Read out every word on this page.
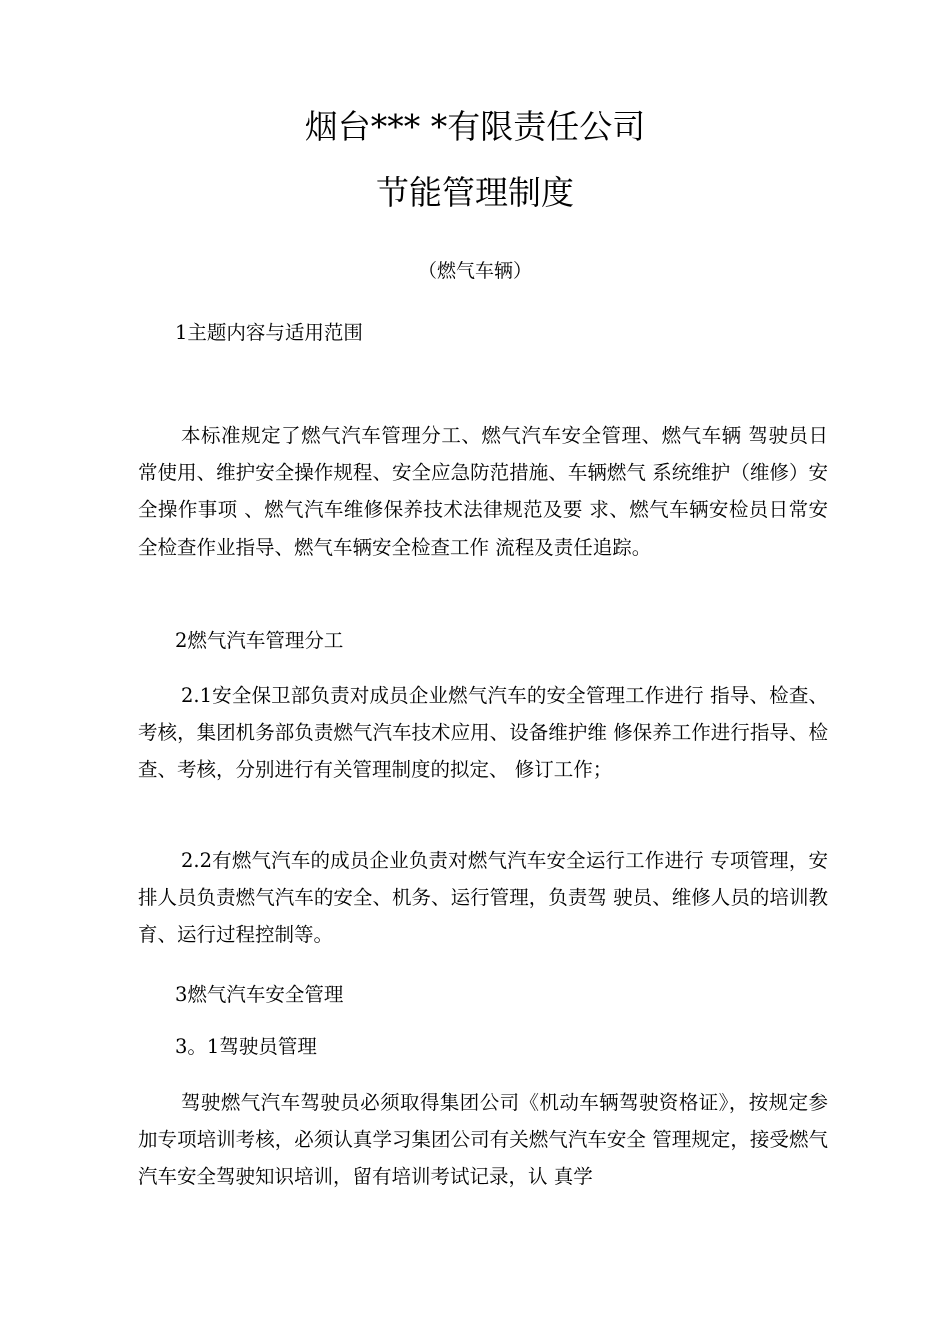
烟台*** *有限责任公司
节能管理制度
（燃气车辆）
1主题内容与适用范围

本标准规定了燃气汽车管理分工、燃气汽车安全管理、燃气车辆 驾驶员日常使用、维护安全操作规程、安全应急防范措施、车辆燃气 系统维护（维修）安全操作事项 、燃气汽车维修保养技术法律规范及要 求、燃气车辆安检员日常安全检查作业指导、燃气车辆安全检查工作 流程及责任追踪。

2燃气汽车管理分工

2.1安全保卫部负责对成员企业燃气汽车的安全管理工作进行 指导、检查、考核，集团机务部负责燃气汽车技术应用、设备维护维 修保养工作进行指导、检查、考核，分别进行有关管理制度的拟定、 修订工作；

2.2有燃气汽车的成员企业负责对燃气汽车安全运行工作进行 专项管理，安排人员负责燃气汽车的安全、机务、运行管理，负责驾 驶员、维修人员的培训教育、运行过程控制等。

3燃气汽车安全管理
3。1驾驶员管理

驾驶燃气汽车驾驶员必须取得集团公司《机动车辆驾驶资格证》，按规定参加专项培训考核，必须认真学习集团公司有关燃气汽车安全 管理规定，接受燃气汽车安全驾驶知识培训，留有培训考试记录，认 真学
